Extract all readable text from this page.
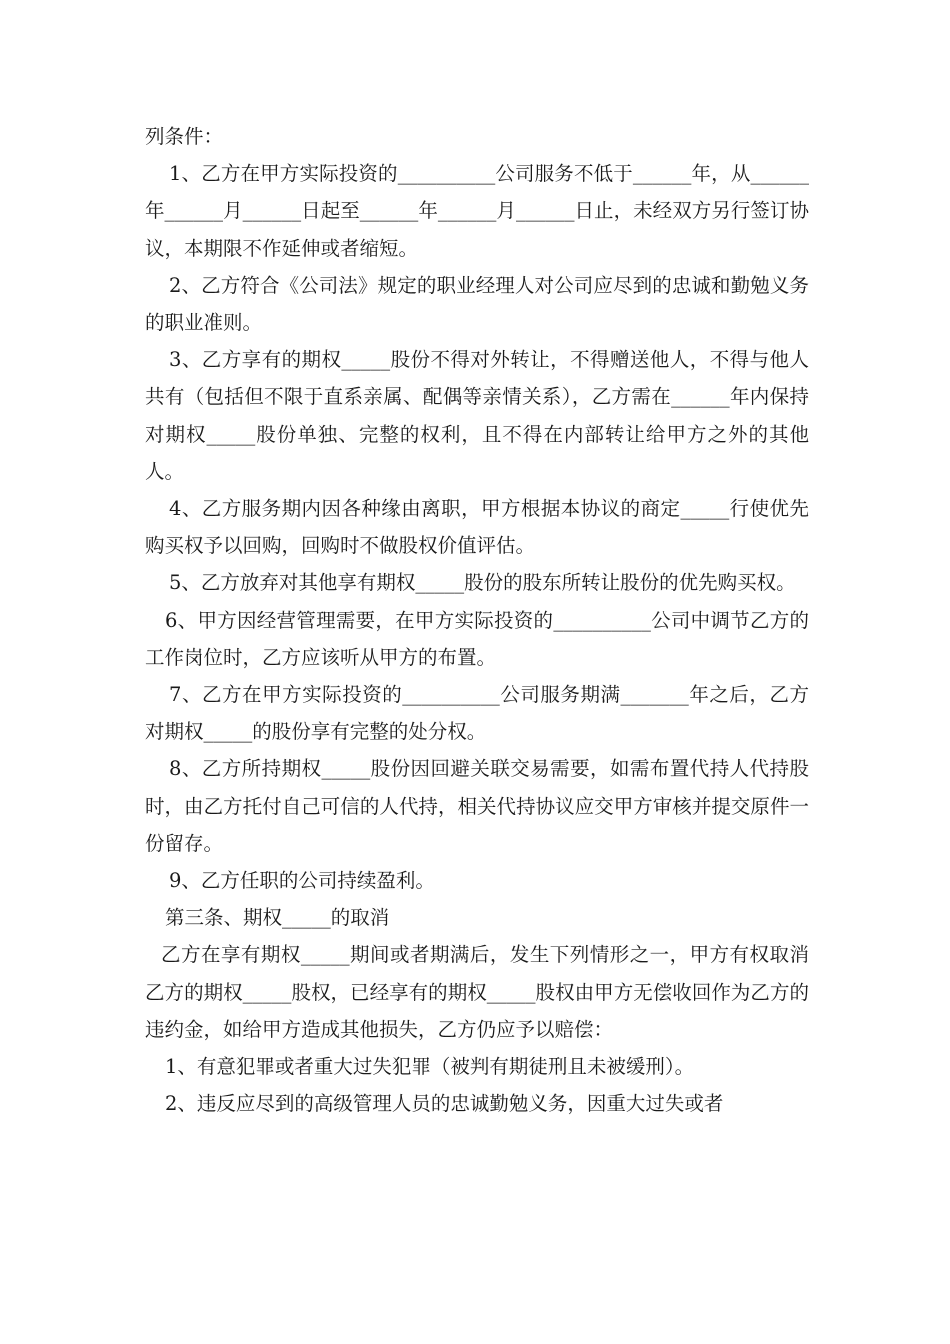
列条件：

1、乙方在甲方实际投资的__________公司服务不低于______年，从______年______月______日起至______年______月______日止，未经双方另行签订协议，本期限不作延伸或者缩短。

2、乙方符合《公司法》规定的职业经理人对公司应尽到的忠诚和勤勉义务的职业准则。

3、乙方享有的期权_____股份不得对外转让，不得赠送他人，不得与他人共有（包括但不限于直系亲属、配偶等亲情关系），乙方需在______年内保持对期权_____股份单独、完整的权利，且不得在内部转让给甲方之外的其他人。

4、乙方服务期内因各种缘由离职，甲方根据本协议的商定_____行使优先购买权予以回购，回购时不做股权价值评估。

5、乙方放弃对其他享有期权_____股份的股东所转让股份的优先购买权。

6、甲方因经营管理需要，在甲方实际投资的__________公司中调节乙方的工作岗位时，乙方应该听从甲方的布置。

7、乙方在甲方实际投资的__________公司服务期满_______年之后，乙方对期权_____的股份享有完整的处分权。

8、乙方所持期权_____股份因回避关联交易需要，如需布置代持人代持股时，由乙方托付自己可信的人代持，相关代持协议应交甲方审核并提交原件一份留存。

9、乙方任职的公司持续盈利。

第三条、期权_____的取消

乙方在享有期权_____期间或者期满后，发生下列情形之一，甲方有权取消乙方的期权_____股权，已经享有的期权_____股权由甲方无偿收回作为乙方的违约金，如给甲方造成其他损失，乙方仍应予以赔偿：

1、有意犯罪或者重大过失犯罪（被判有期徒刑且未被缓刑）。

2、违反应尽到的高级管理人员的忠诚勤勉义务，因重大过失或者
